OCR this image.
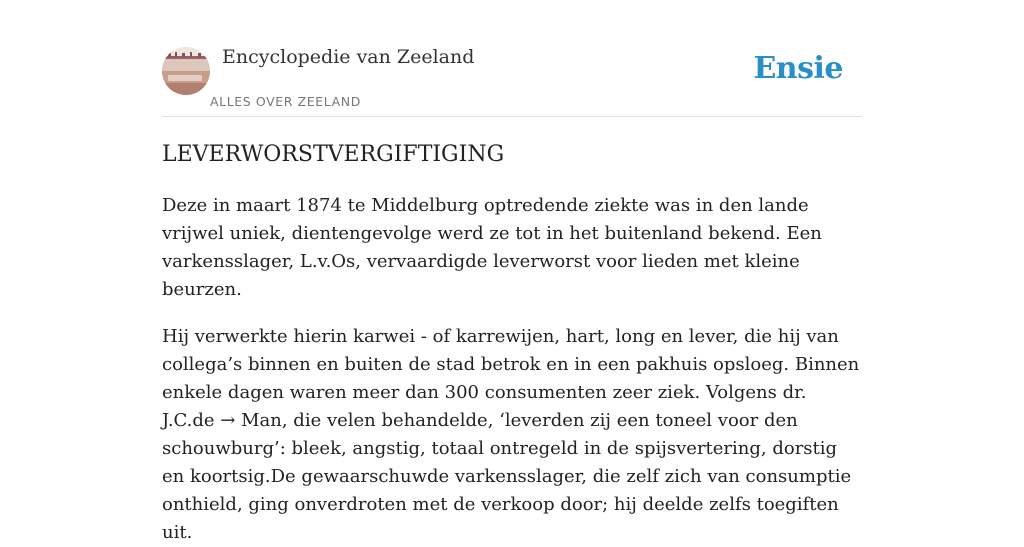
Encyclopedie van Zeeland
ALLES OVER ZEELAND
Ensie
LEVERWORSTVERGIFTIGING

Deze in maart 1874 te Middelburg optredende ziekte was in den lande vrijwel uniek, dientengevolge werd ze tot in het buitenland bekend. Een varkensslager, L.v.Os, vervaardigde leverworst voor lieden met kleine beurzen.

Hij verwerkte hierin karwei - of karrewijen, hart, long en lever, die hij van collega’s binnen en buiten de stad betrok en in een pakhuis opsloeg. Binnen enkele dagen waren meer dan 300 consumenten zeer ziek. Volgens dr. J.C.de → Man, die velen behandelde, ‘leverden zij een toneel voor den schouwburg’: bleek, angstig, totaal ontregeld in de spijsvertering, dorstig en koortsig.De gewaarschuwde varkensslager, die zelf zich van consumptie onthield, ging onverdroten met de verkoop door; hij deelde zelfs toegiften uit.
